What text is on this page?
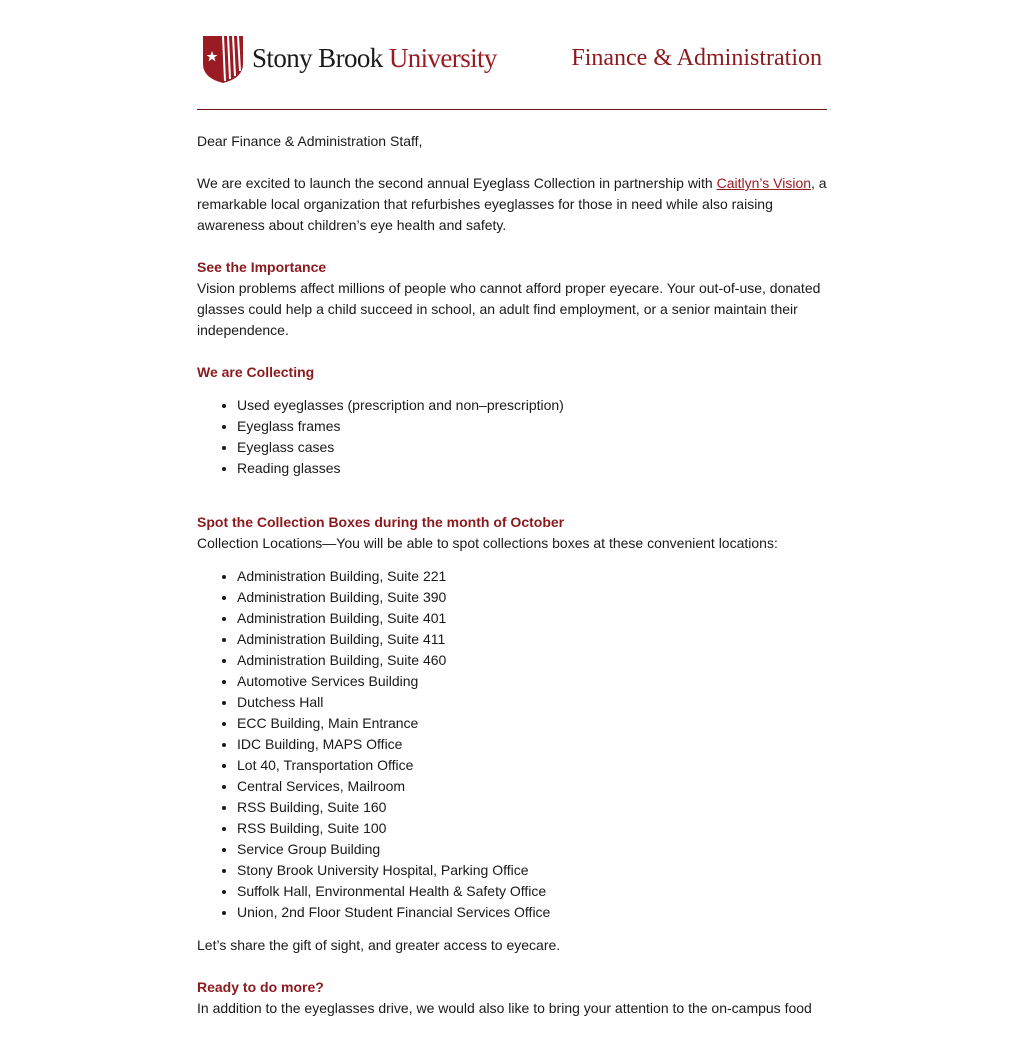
Stony Brook University	Finance & Administration

Dear Finance & Administration Staff,

We are excited to launch the second annual Eyeglass Collection in partnership with Caitlyn’s Vision, a remarkable local organization that refurbishes eyeglasses for those in need while also raising awareness about children’s eye health and safety.

See the Importance

Vision problems affect millions of people who cannot afford proper eyecare. Your out-of-use, donated glasses could help a child succeed in school, an adult find employment, or a senior maintain their independence.

We are Collecting
• Used eyeglasses (prescription and non–prescription)
• Eyeglass frames
• Eyeglass cases
• Reading glasses
Spot the Collection Boxes during the month of October

Collection Locations—You will be able to spot collections boxes at these convenient locations:

• Administration Building, Suite 221
• Administration Building, Suite 390
• Administration Building, Suite 401
• Administration Building, Suite 411
• Administration Building, Suite 460
• Automotive Services Building
• Dutchess Hall
• ECC Building, Main Entrance
• IDC Building, MAPS Office
• Lot 40, Transportation Office
• Central Services, Mailroom
• RSS Building, Suite 160
• RSS Building, Suite 100
• Service Group Building
• Stony Brook University Hospital, Parking Office
• Suffolk Hall, Environmental Health & Safety Office
• Union, 2nd Floor Student Financial Services Office

Let’s share the gift of sight, and greater access to eyecare.

Ready to do more?

In addition to the eyeglasses drive, we would also like to bring your attention to the on-campus food
